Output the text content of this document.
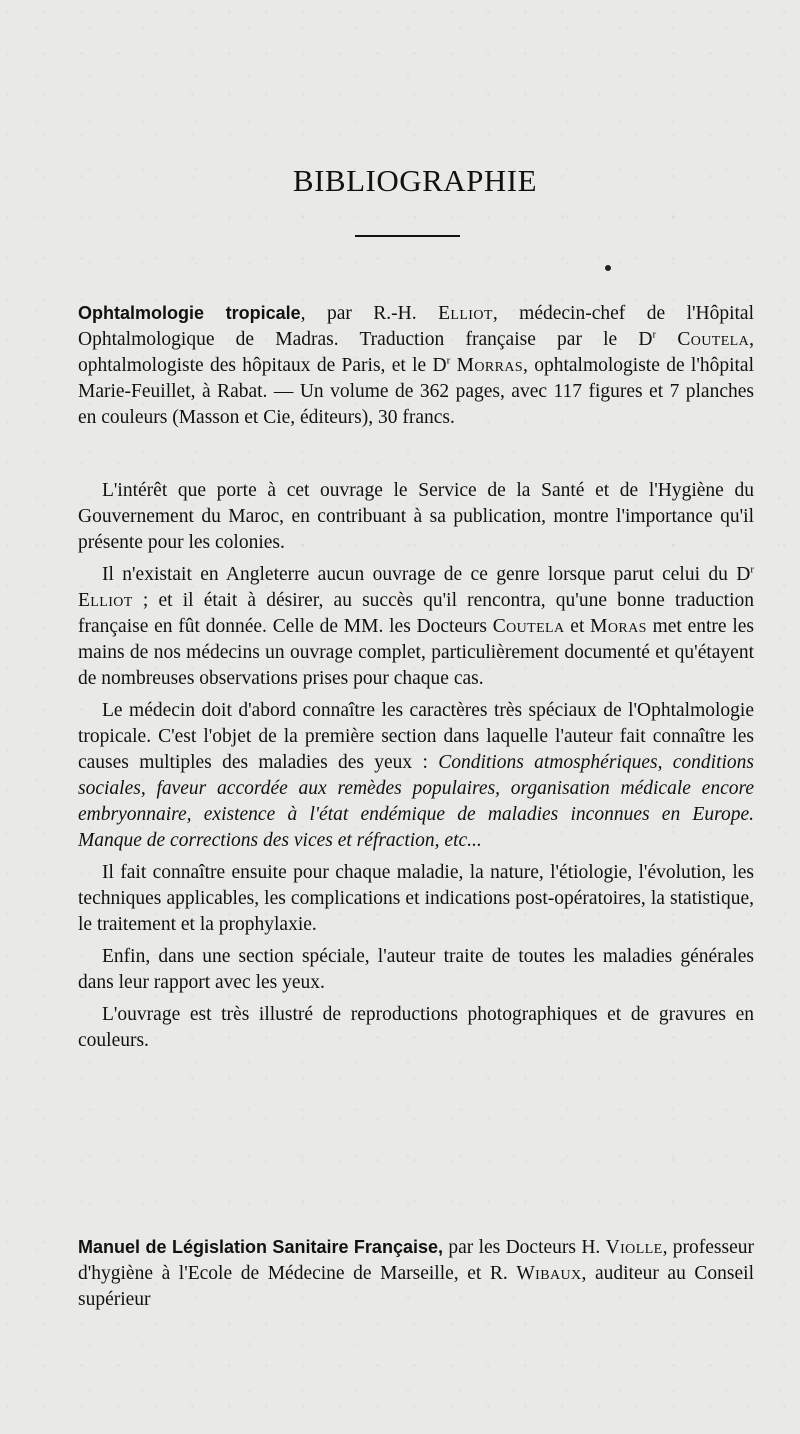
BIBLIOGRAPHIE
Ophtalmologie tropicale, par R.-H. Elliot, médecin-chef de l'Hôpital Ophtalmologique de Madras. Traduction française par le $D^r$ Coutela, ophtalmologiste des hôpitaux de Paris, et le $D^r$ Morras, ophtalmologiste de l'hôpital Marie-Feuillet, à Rabat. — Un volume de 362 pages, avec 117 figures et 7 planches en couleurs (Masson et Cie, éditeurs), 30 francs.

L'intérêt que porte à cet ouvrage le Service de la Santé et de l'Hygiène du Gouvernement du Maroc, en contribuant à sa publication, montre l'importance qu'il présente pour les colonies.

Il n'existait en Angleterre aucun ouvrage de ce genre lorsque parut celui du $D^r$ Elliot ; et il était à désirer, au succès qu'il rencontra, qu'une bonne traduction française en fût donnée. Celle de MM. les Docteurs Coutela et Moras met entre les mains de nos médecins un ouvrage complet, particulièrement documenté et qu'étayent de nombreuses observations prises pour chaque cas.

Le médecin doit d'abord connaître les caractères très spéciaux de l'Ophtalmologie tropicale. C'est l'objet de la première section dans laquelle l'auteur fait connaître les causes multiples des maladies des yeux : Conditions atmosphériques, conditions sociales, faveur accordée aux remèdes populaires, organisation médicale encore embryonnaire, existence à l'état endémique de maladies inconnues en Europe. Manque de corrections des vices et réfraction, etc...

Il fait connaître ensuite pour chaque maladie, la nature, l'étiologie, l'évolution, les techniques applicables, les complications et indications post-opératoires, la statistique, le traitement et la prophylaxie.

Enfin, dans une section spéciale, l'auteur traite de toutes les maladies générales dans leur rapport avec les yeux.

L'ouvrage est très illustré de reproductions photographiques et de gravures en couleurs.

Manuel de Législation Sanitaire Française, par les Docteurs H. Violle, professeur d'hygiène à l'Ecole de Médecine de Marseille, et R. Wibaux, auditeur au Conseil supérieur
